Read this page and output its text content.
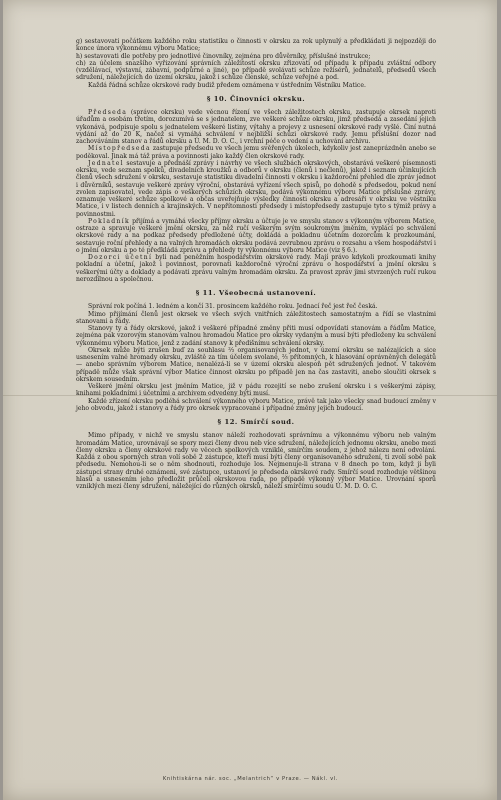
g) sestavovati počátkem každého roku statistiku o činnosti v okrsku za rok uplynulý a předkládati ji nejpozději do konce února výkonnému výboru Matice;

h) sestavovati dle potřeby pro jednotlivé činovníky, zejména pro důvěrníky, příslušné instrukce;

ch) za účelem snazšího vyřizování správních záležitostí okrsku zřizovati od případu k případu zvláštní odbory (vzdělávací, výstavní, zábavní, podpůrné a jiné), po případě svolávati schůze režisérů, jednatelů, předsedů všech sdružení, náležejících do území okrsku, jakož i schůze členské, schůze veřejné a pod.

Každá řádná schůze okrskové rady budiž předem oznámena v ústředním Věstníku Matice.

§ 10. Činovníci okrsku.

Předseda (správce okrsku) vede věcnou řízení ve všech záležitostech okrsku, zastupuje okrsek naproti úřadům a osobám třetím, dorozumívá se s jednatelem, zve veškeré schůze okrsku, jimž předsedá a zasedání jejich vykonává, podpisuje spolu s jednatelem veškeré listiny, výtahy a projevy z usnesení okrskové rady vyšlé. Činí nutná vydání až do 20 K, načež si vymáhá schválení v nejbližší schůzi okrskové rady. Jemu příslušní dozor nad zachováváním stanov a řádů okrsku a Ú. M. D. O. C., i vrchní péče o vedení a uchování archivu.

Místopředseda zastupuje předsedu ve všech jemu svěřených úkolech, kdykoliv jest zaneprázdněn anebo se poděkoval. Jinak má táž práva a povinnosti jako každý člen okrskové rady.

Jednatel sestavuje a přednáší zprávy i návrhy ve všech službách okrskových, obstarává veškeré písemnosti okrsku, vede seznam spolků, divadelních kroužků a odborů v okrsku (členů i nečlenů), jakož i seznam účinkujících členů všech sdružení v okrsku, sestavuje statistiku divadelní činnosti v okrsku i každoroční přehled dle zpráv jednot i důvěrníků, sestavuje veškeré zprávy výroční, obstarává vyřízení všech spisů, po dohodě s předsedou, pokud není zvolen zapisovatel, vede zápis o veškerých schůzích okrsku, podává výkonnému výboru Matice příslušné zprávy, oznamuje veškeré schůze spolkové a občas uveřejňuje výsledky činnosti okrsku a adresáři v okrsku ve věstníku Matice, i v listech denních a krajinských. V nepřítomnosti předsedy i místopředsedy zastupuje tyto s týmiž právy a povinnostmi.

Pokladník přijímá a vymáhá všecky příjmy okrsku a účtuje je ve smyslu stanov s výkonným výborem Matice, ostraze a spravuje veškeré jmění okrsku, za něž ručí veškerým svým soukromým jměním, vyplácí po schválení okrskové rady a na podkaz předsedy předložené účty, dokládá a pokladnu účetním dozorcům k prozkoumání, sestavuje roční přehledy a na valných hromadách okrsku podává zevrubnou zprávu o rozsahu a všem hospodářství i o jmění okrsku a po té předkládá zprávu a přehledy ty výkonnému výboru Matice (viz § 6.).

Dozorci účetní byli nad peněžním hospodářstvím okrskové rady. Mají právo kdykoli prozkoumati knihy pokladní a účetní, jakož i povinnost, porovnati každoročně výroční zprávu o hospodářství a jmění okrsku s veškerými účty a doklady a podávati zprávu valným hromadám okrsku. Za pravost zpráv jimi stvrzených ručí rukou nerozdílnou a společnou.

§ 11. Všeobecná ustanovení.

Správní rok počíná 1. ledném a končí 31. prosincem každého roku. Jednací řeč jest řeč česká.

Mimo přijímání členů jest okrsek ve všech svých vnitřních záležitostech samostatným a řídí se vlastními stanovami a řády.

Stanovy ty a řády okrskové, jakož i veškeré případné změny přiti musí odpovídati stanovám a řádům Matice, zejména pak vzorovým stanovám valnou hromadou Matice pro okrsky vydaným a musí býti předloženy ku schválení výkonnému výboru Matice, jenž z zadání stanovy k předišnímu schválení okrsky.

Okrsek může býti zrušen buď za souhlasu ⅔ organisovaných jednot, v území okrsku se nalézajících a sice usnesením valné hromady okrsku, zvláště za tím účelem svolané, ⅔ přítomných, k hlasování oprávněných delegátů — anebo správním výborem Matice, nenalézá-li se v území okrsku alespoň pět sdružených jednot. V takovém případě může však správní výbor Matice činnost okrsku po případě jen na čas zastaviti, anebo sloučiti okrsek s okrskem sousedním.

Veškeré jmění okrsku jest jměním Matice, již v pádu rozejití se nebo zrušení okrsku i s veškerými zápisy, knihami pokladními i účetními a archivem odvedeny býti musí.

Každé zřízení okrsku podléhá schválení výkonného výboru Matice, právě tak jako všecky snad budoucí změny v jeho obvodu, jakož i stanovy a řády pro okrsek vypracované i případné změny jejich budoucí.

§ 12. Smírčí soud.

Mimo případy, v nichž ve smyslu stanov náleží rozhodovati správnímu a výkonnému výboru neb valným hromadám Matice, urovnávají se spory mezi členy dvou neb více sdružení, náležejících jednomu okrsku, anebo mezi členy okrsku a členy okrskové rady ve věcech spolkových vzniklé, smírčím soudem, z jehož nálezu není odvolání. Každá z obou sporných stran volí sobě 2 zástupce, kteří musí býti členy organisovaného sdružení, ti zvolí sobě pak předsedu. Nemohou-li se o něm shodnouti, rozhoduje los. Nejmenuje-li strana v 8 dnech po tom, když ji byli zástupci strany druhé oznámeni, své zástupce, ustanoví je předseda okrskové rady. Smírčí soud rozhoduje většinou hlasů a usnesením jeho předložit průčelí okrskovou rada, po případě výkonný výbor Matice. Urovnání sporů vzniklých mezi členy sdružení, náležející do různých okrsků, náleží smírčímu soudu Ú. M. D. O. C.

Knihtiskárna nár. soc. „Melantrich“ v Praze. — Nákl. vl.
